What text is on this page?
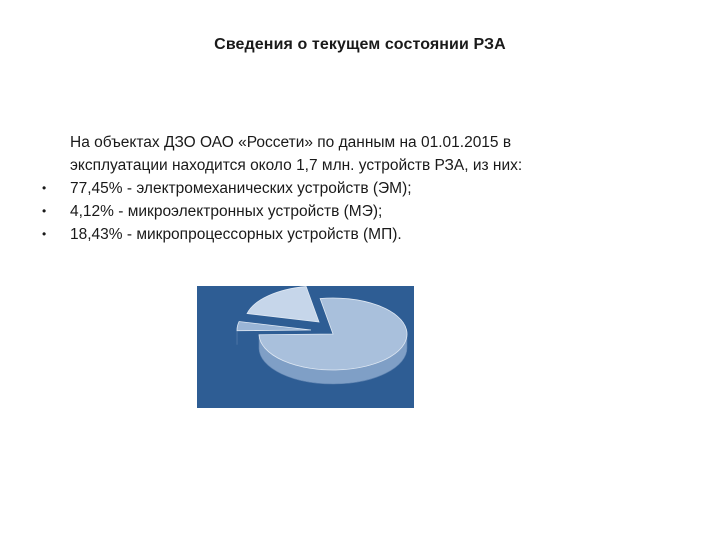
Сведения о текущем состоянии РЗА
На объектах ДЗО ОАО «Россети» по данным на 01.01.2015 в
эксплуатации находится около 1,7 млн. устройств РЗА, из них:
• 77,45% - электромеханических устройств (ЭМ);
• 4,12% - микроэлектронных устройств (МЭ);
• 18,43% - микропроцессорных устройств (МП).
